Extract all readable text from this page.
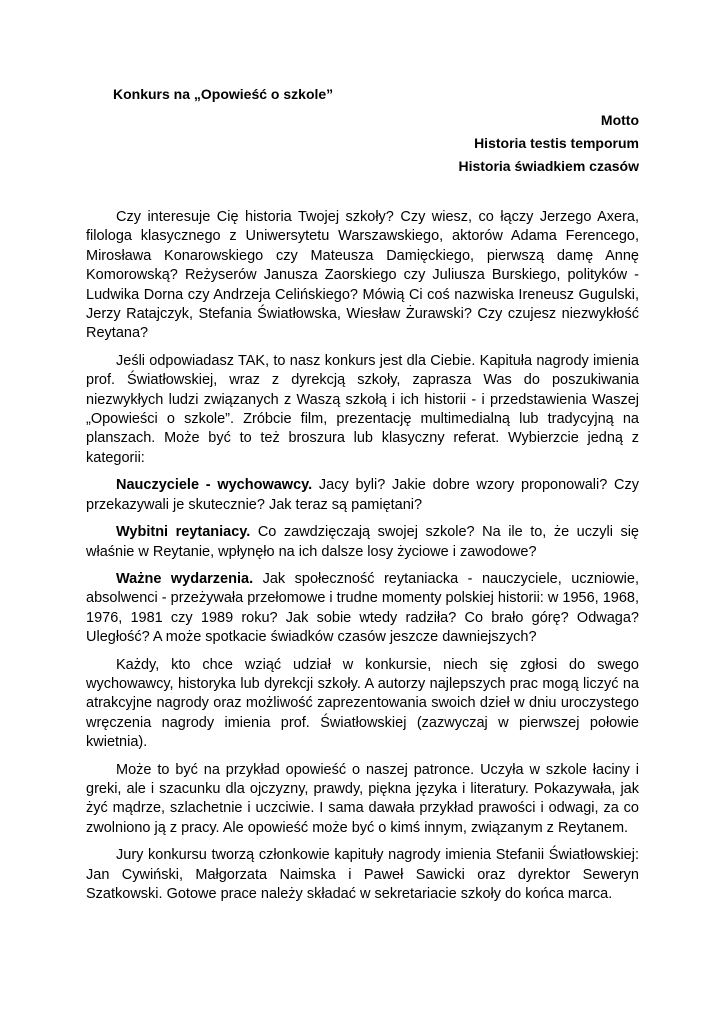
Konkurs na „Opowieść o szkole”
Motto
Historia testis temporum
Historia świadkiem czasów

Czy interesuje Cię historia Twojej szkoły? Czy wiesz, co łączy Jerzego Axera, filologa klasycznego z Uniwersytetu Warszawskiego, aktorów Adama Ferencego, Mirosława Konarowskiego czy Mateusza Damięckiego, pierwszą damę Annę Komorowską? Reżyserów Janusza Zaorskiego czy Juliusza Burskiego, polityków - Ludwika Dorna czy Andrzeja Celińskiego? Mówią Ci coś nazwiska Ireneusz Gugulski, Jerzy Ratajczyk, Stefania Światłowska, Wiesław Żurawski? Czy czujesz niezwykłość Reytana?

Jeśli odpowiadasz TAK, to nasz konkurs jest dla Ciebie. Kapituła nagrody imienia prof. Światłowskiej, wraz z dyrekcją szkoły, zaprasza Was do poszukiwania niezwykłych ludzi związanych z Waszą szkołą i ich historii - i przedstawienia Waszej „Opowieści o szkole”. Zróbcie film, prezentację multimedialną lub tradycyjną na planszach. Może być to też broszura lub klasyczny referat. Wybierzcie jedną z kategorii:

Nauczyciele - wychowawcy. Jacy byli? Jakie dobre wzory proponowali? Czy przekazywali je skutecznie? Jak teraz są pamiętani?

Wybitni reytaniacy. Co zawdzięczają swojej szkole? Na ile to, że uczyli się właśnie w Reytanie, wpłynęło na ich dalsze losy życiowe i zawodowe?

Ważne wydarzenia. Jak społeczność reytaniacka - nauczyciele, uczniowie, absolwenci - przeżywała przełomowe i trudne momenty polskiej historii: w 1956, 1968, 1976, 1981 czy 1989 roku? Jak sobie wtedy radziła? Co brało górę? Odwaga? Uległość? A może spotkacie świadków czasów jeszcze dawniejszych?

Każdy, kto chce wziąć udział w konkursie, niech się zgłosi do swego wychowawcy, historyka lub dyrekcji szkoły. A autorzy najlepszych prac mogą liczyć na atrakcyjne nagrody oraz możliwość zaprezentowania swoich dzieł w dniu uroczystego wręczenia nagrody imienia prof. Światłowskiej (zazwyczaj w pierwszej połowie kwietnia).

Może to być na przykład opowieść o naszej patronce. Uczyła w szkole łaciny i greki, ale i szacunku dla ojczyzny, prawdy, piękna języka i literatury. Pokazywała, jak żyć mądrze, szlachetnie i uczciwie. I sama dawała przykład prawości i odwagi, za co zwolniono ją z pracy. Ale opowieść może być o kimś innym, związanym z Reytanem.

Jury konkursu tworzą członkowie kapituły nagrody imienia Stefanii Światłowskiej: Jan Cywiński, Małgorzata Naimska i Paweł Sawicki oraz dyrektor Seweryn Szatkowski. Gotowe prace należy składać w sekretariacie szkoły do końca marca.
